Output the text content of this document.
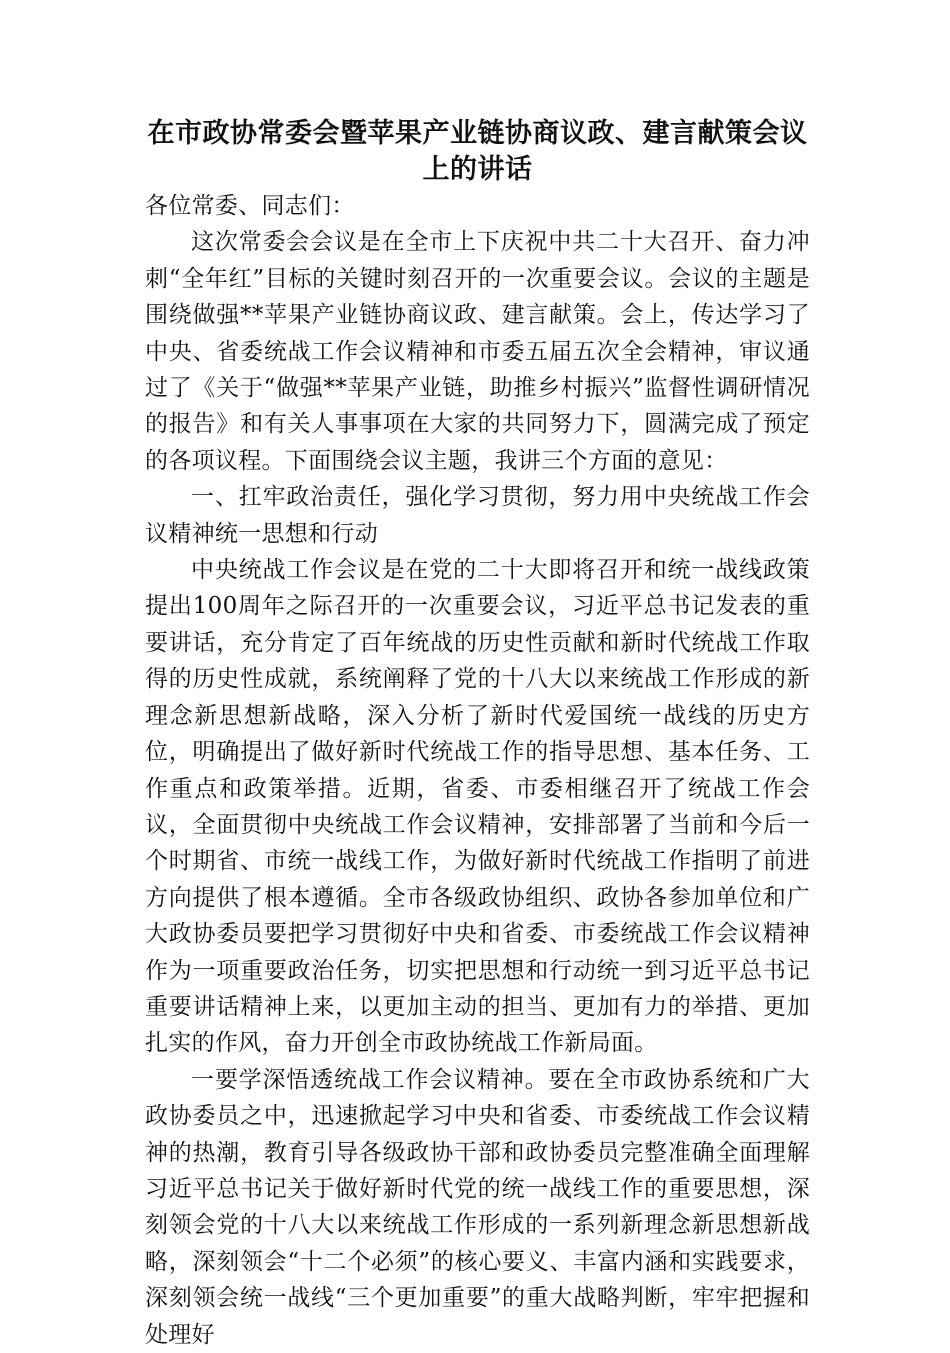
在市政协常委会暨苹果产业链协商议政、建言献策会议上的讲话

各位常委、同志们：

这次常委会会议是在全市上下庆祝中共二十大召开、奋力冲刺“全年红”目标的关键时刻召开的一次重要会议。会议的主题是围绕做强**苹果产业链协商议政、建言献策。会上，传达学习了中央、省委统战工作会议精神和市委五届五次全会精神，审议通过了《关于“做强**苹果产业链，助推乡村振兴”监督性调研情况的报告》和有关人事事项在大家的共同努力下，圆满完成了预定的各项议程。下面围绕会议主题，我讲三个方面的意见：

一、扛牢政治责任，强化学习贯彻，努力用中央统战工作会议精神统一思想和行动

中央统战工作会议是在党的二十大即将召开和统一战线政策提出100周年之际召开的一次重要会议，习近平总书记发表的重要讲话，充分肯定了百年统战的历史性贡献和新时代统战工作取得的历史性成就，系统阐释了党的十八大以来统战工作形成的新理念新思想新战略，深入分析了新时代爱国统一战线的历史方位，明确提出了做好新时代统战工作的指导思想、基本任务、工作重点和政策举措。近期，省委、市委相继召开了统战工作会议，全面贯彻中央统战工作会议精神，安排部署了当前和今后一个时期省、市统一战线工作，为做好新时代统战工作指明了前进方向提供了根本遵循。全市各级政协组织、政协各参加单位和广大政协委员要把学习贯彻好中央和省委、市委统战工作会议精神作为一项重要政治任务，切实把思想和行动统一到习近平总书记重要讲话精神上来，以更加主动的担当、更加有力的举措、更加扎实的作风，奋力开创全市政协统战工作新局面。

一要学深悟透统战工作会议精神。要在全市政协系统和广大政协委员之中，迅速掀起学习中央和省委、市委统战工作会议精神的热潮，教育引导各级政协干部和政协委员完整准确全面理解习近平总书记关于做好新时代党的统一战线工作的重要思想，深刻领会党的十八大以来统战工作形成的一系列新理念新思想新战略，深刻领会“十二个必须”的核心要义、丰富内涵和实践要求，深刻领会统一战线“三个更加重要”的重大战略判断，牢牢把握和处理好
